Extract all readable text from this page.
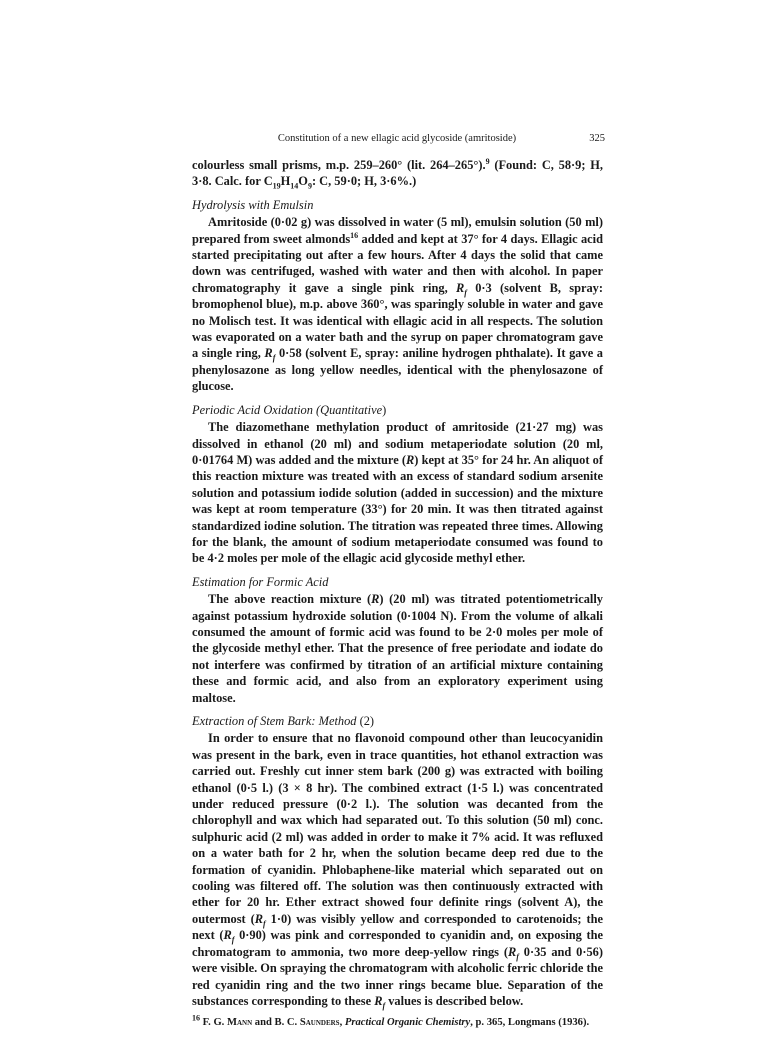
Constitution of a new ellagic acid glycoside (amritoside)	325

colourless small prisms, m.p. 259–260° (lit. 264–265°).$^9$ (Found: C, 58·9; H, 3·8. Calc. for $C_{19}H_{14}O_9$: C, 59·0; H, 3·6%.)

Hydrolysis with Emulsin

Amritoside (0·02 g) was dissolved in water (5 ml), emulsin solution (50 ml) prepared from sweet almonds$^{16}$ added and kept at 37° for 4 days. Ellagic acid started precipitating out after a few hours. After 4 days the solid that came down was centrifuged, washed with water and then with alcohol. In paper chromatography it gave a single pink ring, $R_f$ 0·3 (solvent B, spray: bromophenol blue), m.p. above 360°, was sparingly soluble in water and gave no Molisch test. It was identical with ellagic acid in all respects. The solution was evaporated on a water bath and the syrup on paper chromatogram gave a single ring, $R_f$ 0·58 (solvent E, spray: aniline hydrogen phthalate). It gave a phenylosazone as long yellow needles, identical with the phenylosazone of glucose.

Periodic Acid Oxidation (Quantitative)

The diazomethane methylation product of amritoside (21·27 mg) was dissolved in ethanol (20 ml) and sodium metaperiodate solution (20 ml, 0·01764 M) was added and the mixture (R) kept at 35° for 24 hr. An aliquot of this reaction mixture was treated with an excess of standard sodium arsenite solution and potassium iodide solution (added in succession) and the mixture was kept at room temperature (33°) for 20 min. It was then titrated against standardized iodine solution. The titration was repeated three times. Allowing for the blank, the amount of sodium metaperiodate consumed was found to be 4·2 moles per mole of the ellagic acid glycoside methyl ether.

Estimation for Formic Acid

The above reaction mixture (R) (20 ml) was titrated potentiometrically against potassium hydroxide solution (0·1004 N). From the volume of alkali consumed the amount of formic acid was found to be 2·0 moles per mole of the glycoside methyl ether. That the presence of free periodate and iodate do not interfere was confirmed by titration of an artificial mixture containing these and formic acid, and also from an exploratory experiment using maltose.

Extraction of Stem Bark: Method (2)

In order to ensure that no flavonoid compound other than leucocyanidin was present in the bark, even in trace quantities, hot ethanol extraction was carried out. Freshly cut inner stem bark (200 g) was extracted with boiling ethanol (0·5 l.) (3 × 8 hr). The combined extract (1·5 l.) was concentrated under reduced pressure (0·2 l.). The solution was decanted from the chlorophyll and wax which had separated out. To this solution (50 ml) conc. sulphuric acid (2 ml) was added in order to make it 7% acid. It was refluxed on a water bath for 2 hr, when the solution became deep red due to the formation of cyanidin. Phlobaphene-like material which separated out on cooling was filtered off. The solution was then continuously extracted with ether for 20 hr. Ether extract showed four definite rings (solvent A), the outermost ($R_f$ 1·0) was visibly yellow and corresponded to carotenoids; the next ($R_f$ 0·90) was pink and corresponded to cyanidin and, on exposing the chromatogram to ammonia, two more deep-yellow rings ($R_f$ 0·35 and 0·56) were visible. On spraying the chromatogram with alcoholic ferric chloride the red cyanidin ring and the two inner rings became blue. Separation of the substances corresponding to these $R_f$ values is described below.

$^{16}$ F. G. Mann and B. C. Saunders, Practical Organic Chemistry, p. 365, Longmans (1936).
